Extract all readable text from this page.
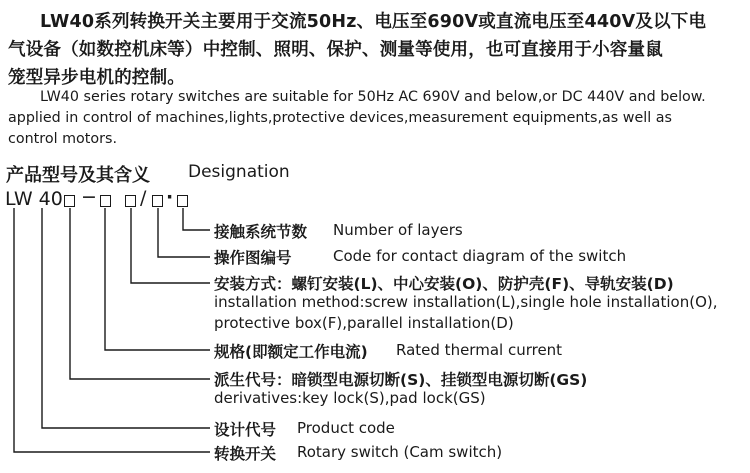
LW40系列转换开关主要用于交流50Hz、电压至690V或直流电压至440V及以下电
气设备（如数控机床等）中控制、照明、保护、测量等使用，也可直接用于小容量鼠
笼型异步电机的控制。
LW40 series rotary switches are suitable for 50Hz AC 690V and below,or DC 440V and below.
applied in control of machines,lights,protective devices,measurement equipments,as well as
control motors.
产品型号及其含义 Designation
LW 40 − / ·
接触系统节数 Number of layers
操作图编号	Code for contact diagram of the switch
安装方式：螺钉安装(L)、中心安装(O)、防护壳(F)、导轨安装(D)
installation method:screw installation(L),single hole installation(O),
protective box(F),parallel installation(D)
规格(即额定工作电流) Rated thermal current
派生代号：暗锁型电源切断(S)、挂锁型电源切断(GS)
derivatives:key lock(S),pad lock(GS)
设计代号 Product code
转换开关 Rotary switch (Cam switch)
